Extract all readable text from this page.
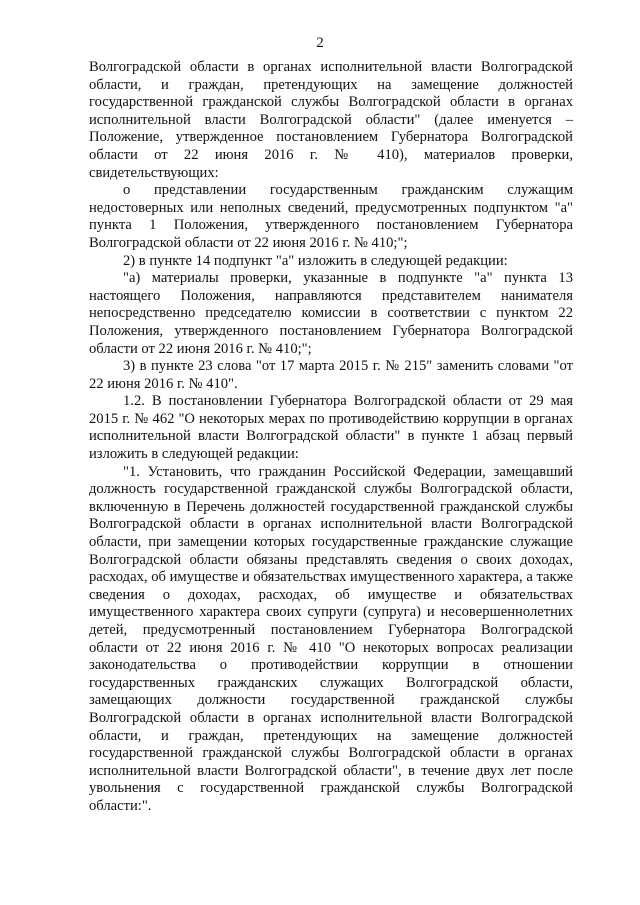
2

Волгоградской области в органах исполнительной власти Волгоградской области, и граждан, претендующих на замещение должностей государственной гражданской службы Волгоградской области в органах исполнительной власти Волгоградской области" (далее именуется – Положение, утвержденное постановлением Губернатора Волгоградской области от 22 июня 2016 г. № 410), материалов проверки, свидетельствующих:

о представлении государственным гражданским служащим недостоверных или неполных сведений, предусмотренных подпунктом "а" пункта 1 Положения, утвержденного постановлением Губернатора Волгоградской области от 22 июня 2016 г. № 410;";

2) в пункте 14 подпункт "а" изложить в следующей редакции:

"а) материалы проверки, указанные в подпункте "а" пункта 13 настоящего Положения, направляются представителем нанимателя непосредственно председателю комиссии в соответствии с пунктом 22 Положения, утвержденного постановлением Губернатора Волгоградской области от 22 июня 2016 г. № 410;";

3) в пункте 23 слова "от 17 марта 2015 г. № 215" заменить словами "от 22 июня 2016 г. № 410".

1.2. В постановлении Губернатора Волгоградской области от 29 мая 2015 г. № 462 "О некоторых мерах по противодействию коррупции в органах исполнительной власти Волгоградской области" в пункте 1 абзац первый изложить в следующей редакции:

"1. Установить, что гражданин Российской Федерации, замещавший должность государственной гражданской службы Волгоградской области, включенную в Перечень должностей государственной гражданской службы Волгоградской области в органах исполнительной власти Волгоградской области, при замещении которых государственные гражданские служащие Волгоградской области обязаны представлять сведения о своих доходах, расходах, об имуществе и обязательствах имущественного характера, а также сведения о доходах, расходах, об имуществе и обязательствах имущественного характера своих супруги (супруга) и несовершеннолетних детей, предусмотренный постановлением Губернатора Волгоградской области от 22 июня 2016 г. № 410 "О некоторых вопросах реализации законодательства о противодействии коррупции в отношении государственных гражданских служащих Волгоградской области, замещающих должности государственной гражданской службы Волгоградской области в органах исполнительной власти Волгоградской области, и граждан, претендующих на замещение должностей государственной гражданской службы Волгоградской области в органах исполнительной власти Волгоградской области", в течение двух лет после увольнения с государственной гражданской службы Волгоградской области:".
